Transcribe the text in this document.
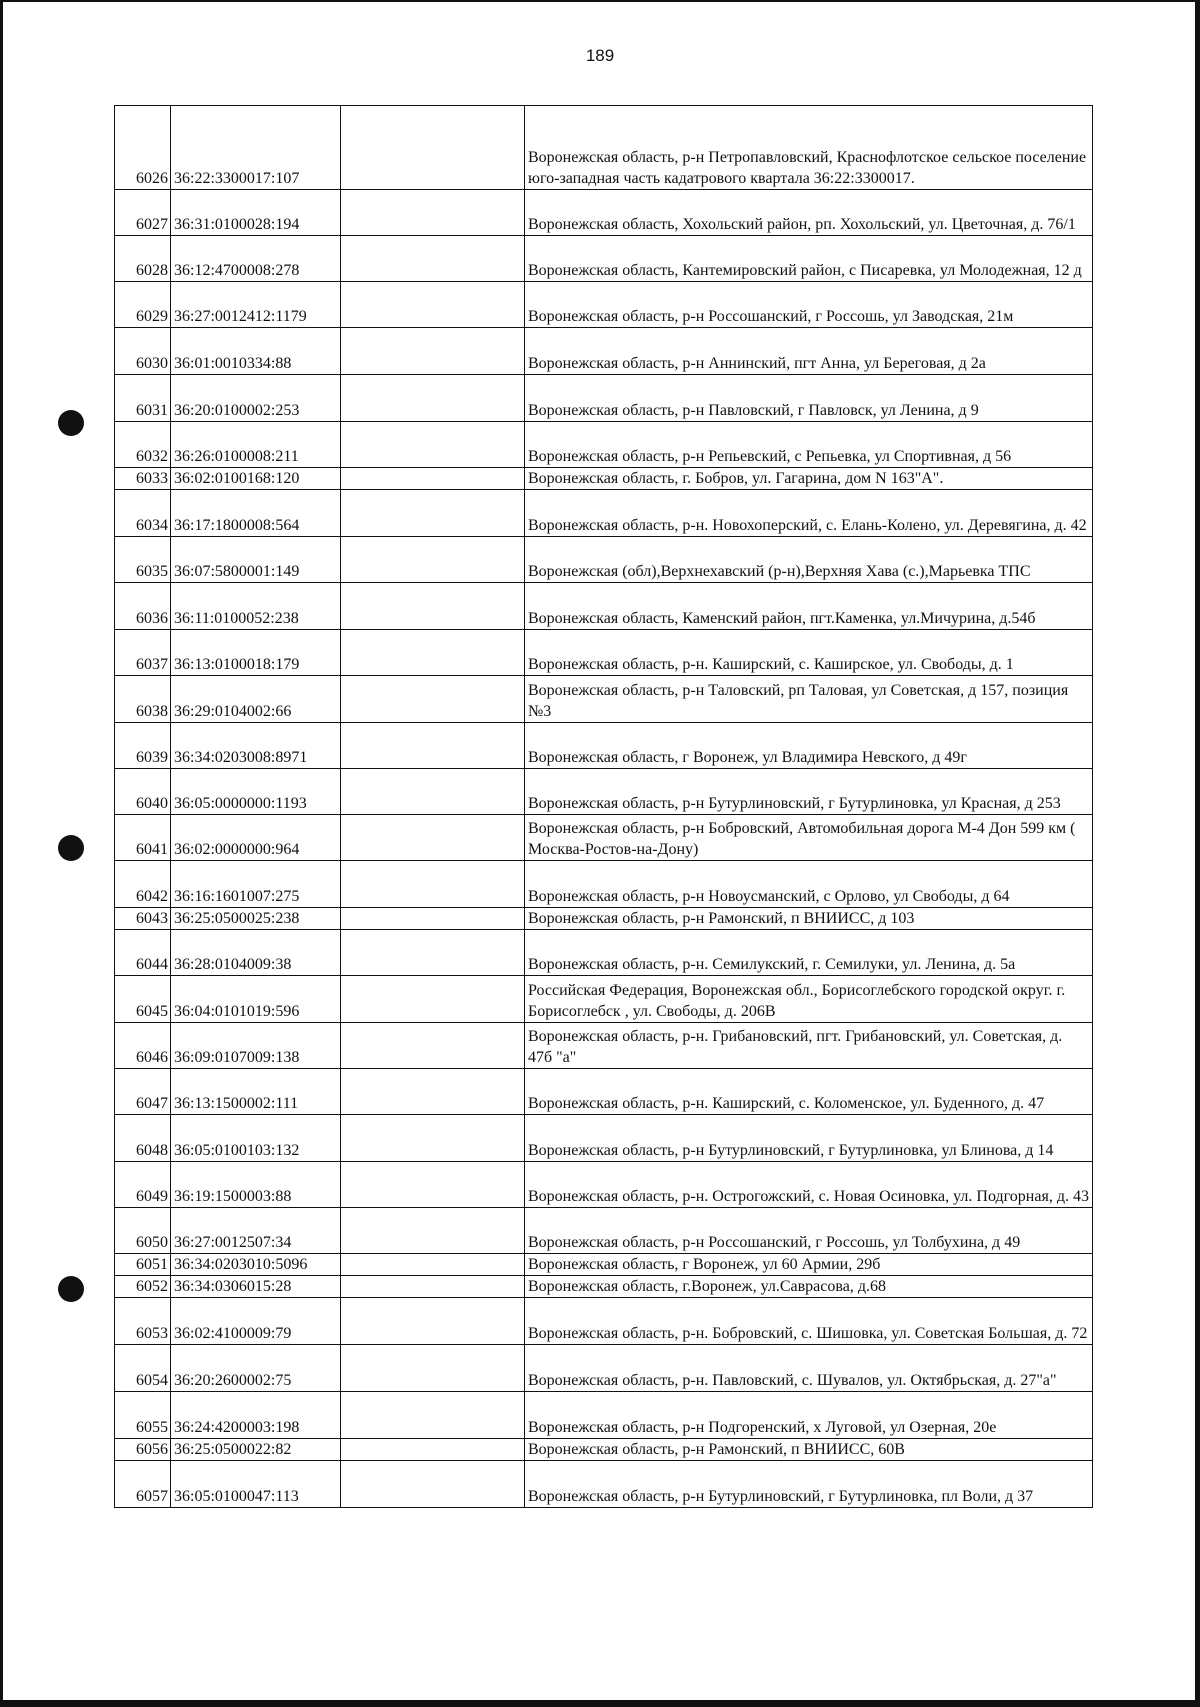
189
6026	36:22:3300017:107		Воронежская область, р-н Петропавловский, Краснофлотское сельское поселение юго-западная часть кадатрового квартала 36:22:3300017.
6027	36:31:0100028:194		Воронежская область, Хохольский район, рп. Хохольский, ул. Цветочная, д. 76/1
6028	36:12:4700008:278		Воронежская область, Кантемировский район, с Писаревка, ул Молодежная, 12 д
6029	36:27:0012412:1179		Воронежская область, р-н Россошанский, г Россошь, ул Заводская, 21м
6030	36:01:0010334:88		Воронежская область, р-н Аннинский, пгт Анна, ул Береговая, д 2а
6031	36:20:0100002:253		Воронежская область, р-н Павловский, г Павловск, ул Ленина, д 9
6032	36:26:0100008:211		Воронежская область, р-н Репьевский, с Репьевка, ул Спортивная, д 56
6033	36:02:0100168:120		Воронежская область, г. Бобров, ул. Гагарина, дом N 163"А".
6034	36:17:1800008:564		Воронежская область, р-н. Новохоперский, с. Елань-Колено, ул. Деревягина, д. 42
6035	36:07:5800001:149		Воронежская (обл),Верхнехавский (р-н),Верхняя Хава (с.),Марьевка ТПС
6036	36:11:0100052:238		Воронежская область, Каменский район, пгт.Каменка, ул.Мичурина, д.54б
6037	36:13:0100018:179		Воронежская область, р-н. Каширский, с. Каширское, ул. Свободы, д. 1
6038	36:29:0104002:66		Воронежская область, р-н Таловский, рп Таловая, ул Советская, д 157, позиция №3
6039	36:34:0203008:8971		Воронежская область, г Воронеж, ул Владимира Невского, д 49г
6040	36:05:0000000:1193		Воронежская область, р-н Бутурлиновский, г Бутурлиновка, ул Красная, д 253
6041	36:02:0000000:964		Воронежская область, р-н Бобровский, Автомобильная дорога М-4 Дон 599 км ( Москва-Ростов-на-Дону)
6042	36:16:1601007:275		Воронежская область, р-н Новоусманский, с Орлово, ул Свободы, д 64
6043	36:25:0500025:238		Воронежская область, р-н Рамонский, п ВНИИСС, д 103
6044	36:28:0104009:38		Воронежская область, р-н. Семилукский, г. Семилуки, ул. Ленина, д. 5а
6045	36:04:0101019:596		Российская Федерация, Воронежская обл., Борисоглебского городской округ. г. Борисоглебск , ул. Свободы, д. 206В
6046	36:09:0107009:138		Воронежская область, р-н. Грибановский, пгт. Грибановский, ул. Советская, д. 47б "а"
6047	36:13:1500002:111		Воронежская область, р-н. Каширский, с. Коломенское, ул. Буденного, д. 47
6048	36:05:0100103:132		Воронежская область, р-н Бутурлиновский, г Бутурлиновка, ул Блинова, д 14
6049	36:19:1500003:88		Воронежская область, р-н. Острогожский, с. Новая Осиновка, ул. Подгорная, д. 43
6050	36:27:0012507:34		Воронежская область, р-н Россошанский, г Россошь, ул Толбухина, д 49
6051	36:34:0203010:5096		Воронежская область, г Воронеж, ул 60 Армии, 29б
6052	36:34:0306015:28		Воронежская область, г.Воронеж, ул.Саврасова, д.68
6053	36:02:4100009:79		Воронежская область, р-н. Бобровский, с. Шишовка, ул. Советская Большая, д. 72
6054	36:20:2600002:75		Воронежская область, р-н. Павловский, с. Шувалов, ул. Октябрьская, д. 27"а"
6055	36:24:4200003:198		Воронежская область, р-н Подгоренский, х Луговой, ул Озерная, 20е
6056	36:25:0500022:82		Воронежская область, р-н Рамонский, п ВНИИСС, 60В
6057	36:05:0100047:113		Воронежская область, р-н Бутурлиновский, г Бутурлиновка, пл Воли, д 37
